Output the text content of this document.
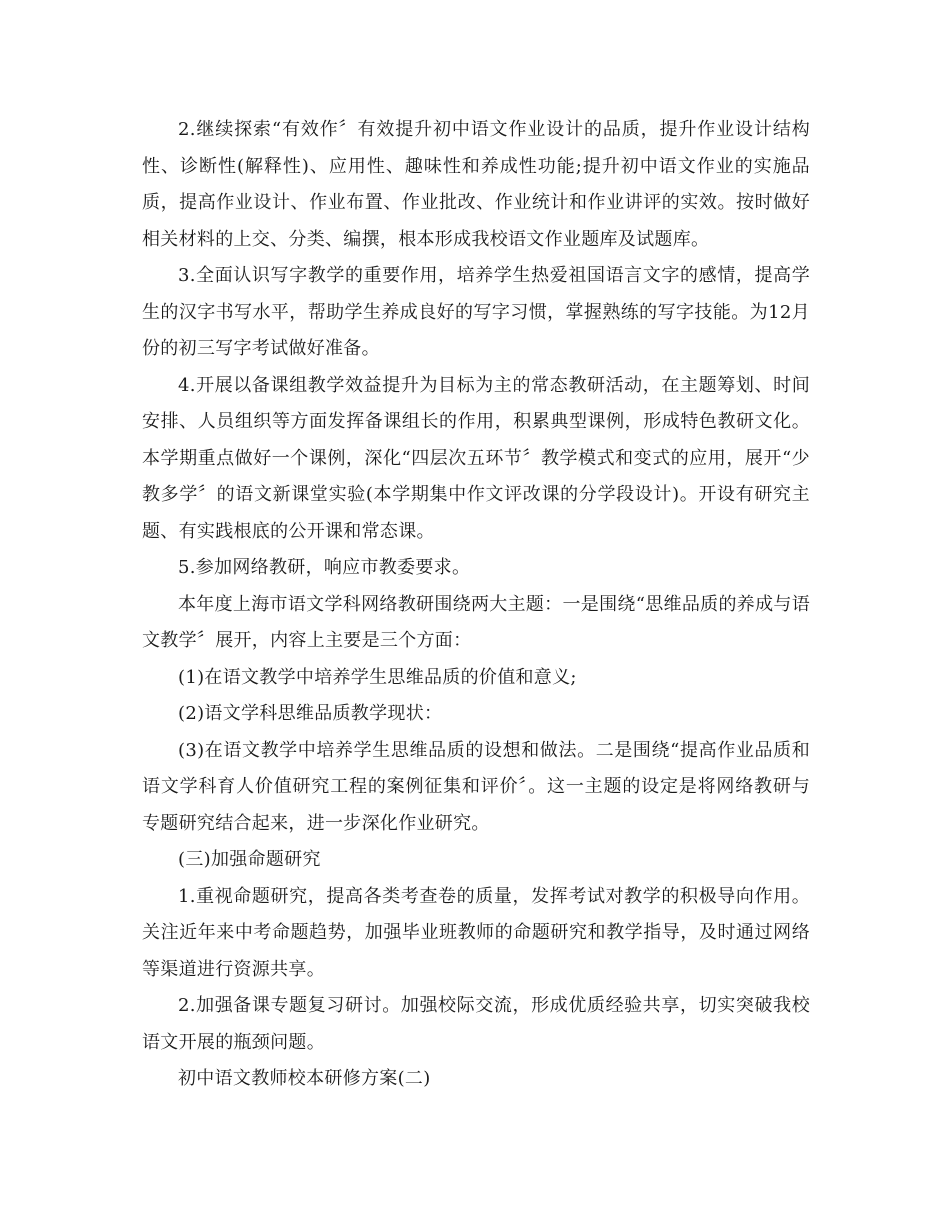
2.继续探索“有效作〞有效提升初中语文作业设计的品质，提升作业设计结构性、诊断性(解释性)、应用性、趣味性和养成性功能;提升初中语文作业的实施品质，提高作业设计、作业布置、作业批改、作业统计和作业讲评的实效。按时做好相关材料的上交、分类、编撰，根本形成我校语文作业题库及试题库。

3.全面认识写字教学的重要作用，培养学生热爱祖国语言文字的感情，提高学生的汉字书写水平，帮助学生养成良好的写字习惯，掌握熟练的写字技能。为12月份的初三写字考试做好准备。

4.开展以备课组教学效益提升为目标为主的常态教研活动，在主题筹划、时间安排、人员组织等方面发挥备课组长的作用，积累典型课例，形成特色教研文化。 本学期重点做好一个课例，深化“四层次五环节〞教学模式和变式的应用，展开“少教多学〞的语文新课堂实验(本学期集中作文评改课的分学段设计)。开设有研究主题、有实践根底的公开课和常态课。

5.参加网络教研，响应市教委要求。

本年度上海市语文学科网络教研围绕两大主题：一是围绕“思维品质的养成与语文教学〞展开，内容上主要是三个方面：

(1)在语文教学中培养学生思维品质的价值和意义;

(2)语文学科思维品质教学现状：

(3)在语文教学中培养学生思维品质的设想和做法。二是围绕“提高作业品质和语文学科育人价值研究工程的案例征集和评价〞。这一主题的设定是将网络教研与专题研究结合起来，进一步深化作业研究。

(三)加强命题研究

1.重视命题研究，提高各类考查卷的质量，发挥考试对教学的积极导向作用。关注近年来中考命题趋势，加强毕业班教师的命题研究和教学指导，及时通过网络等渠道进行资源共享。

2.加强备课专题复习研讨。加强校际交流，形成优质经验共享，切实突破我校语文开展的瓶颈问题。

初中语文教师校本研修方案(二)
